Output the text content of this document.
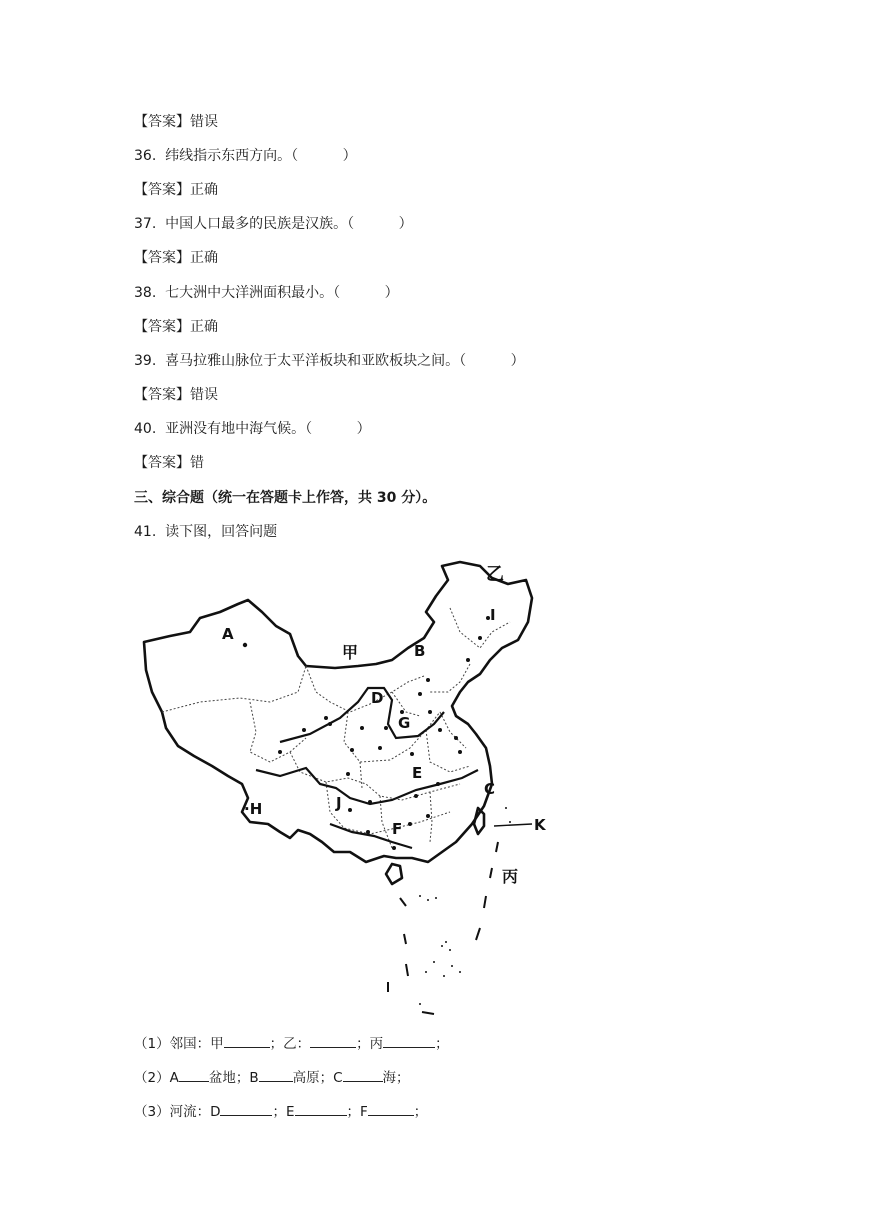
【答案】错误
36.  纬线指示东西方向。（          ）
【答案】正确
37.  中国人口最多的民族是汉族。（          ）
【答案】正确
38.  七大洲中大洋洲面积最小。（          ）
【答案】正确
39.  喜马拉雅山脉位于太平洋板块和亚欧板块之间。（          ）
【答案】错误
40.  亚洲没有地中海气候。（          ）
【答案】错
三、综合题（统一在答题卡上作答，共 30 分）。
41.  读下图，回答问题
A
B
C
D
E
F
G
·H
I
J
K
甲
乙
丙
（1）邻国：甲	；乙：	；丙	；
（2）A 盆地；B	高原；C	海；
（3）河流：D	；E	；F	；
